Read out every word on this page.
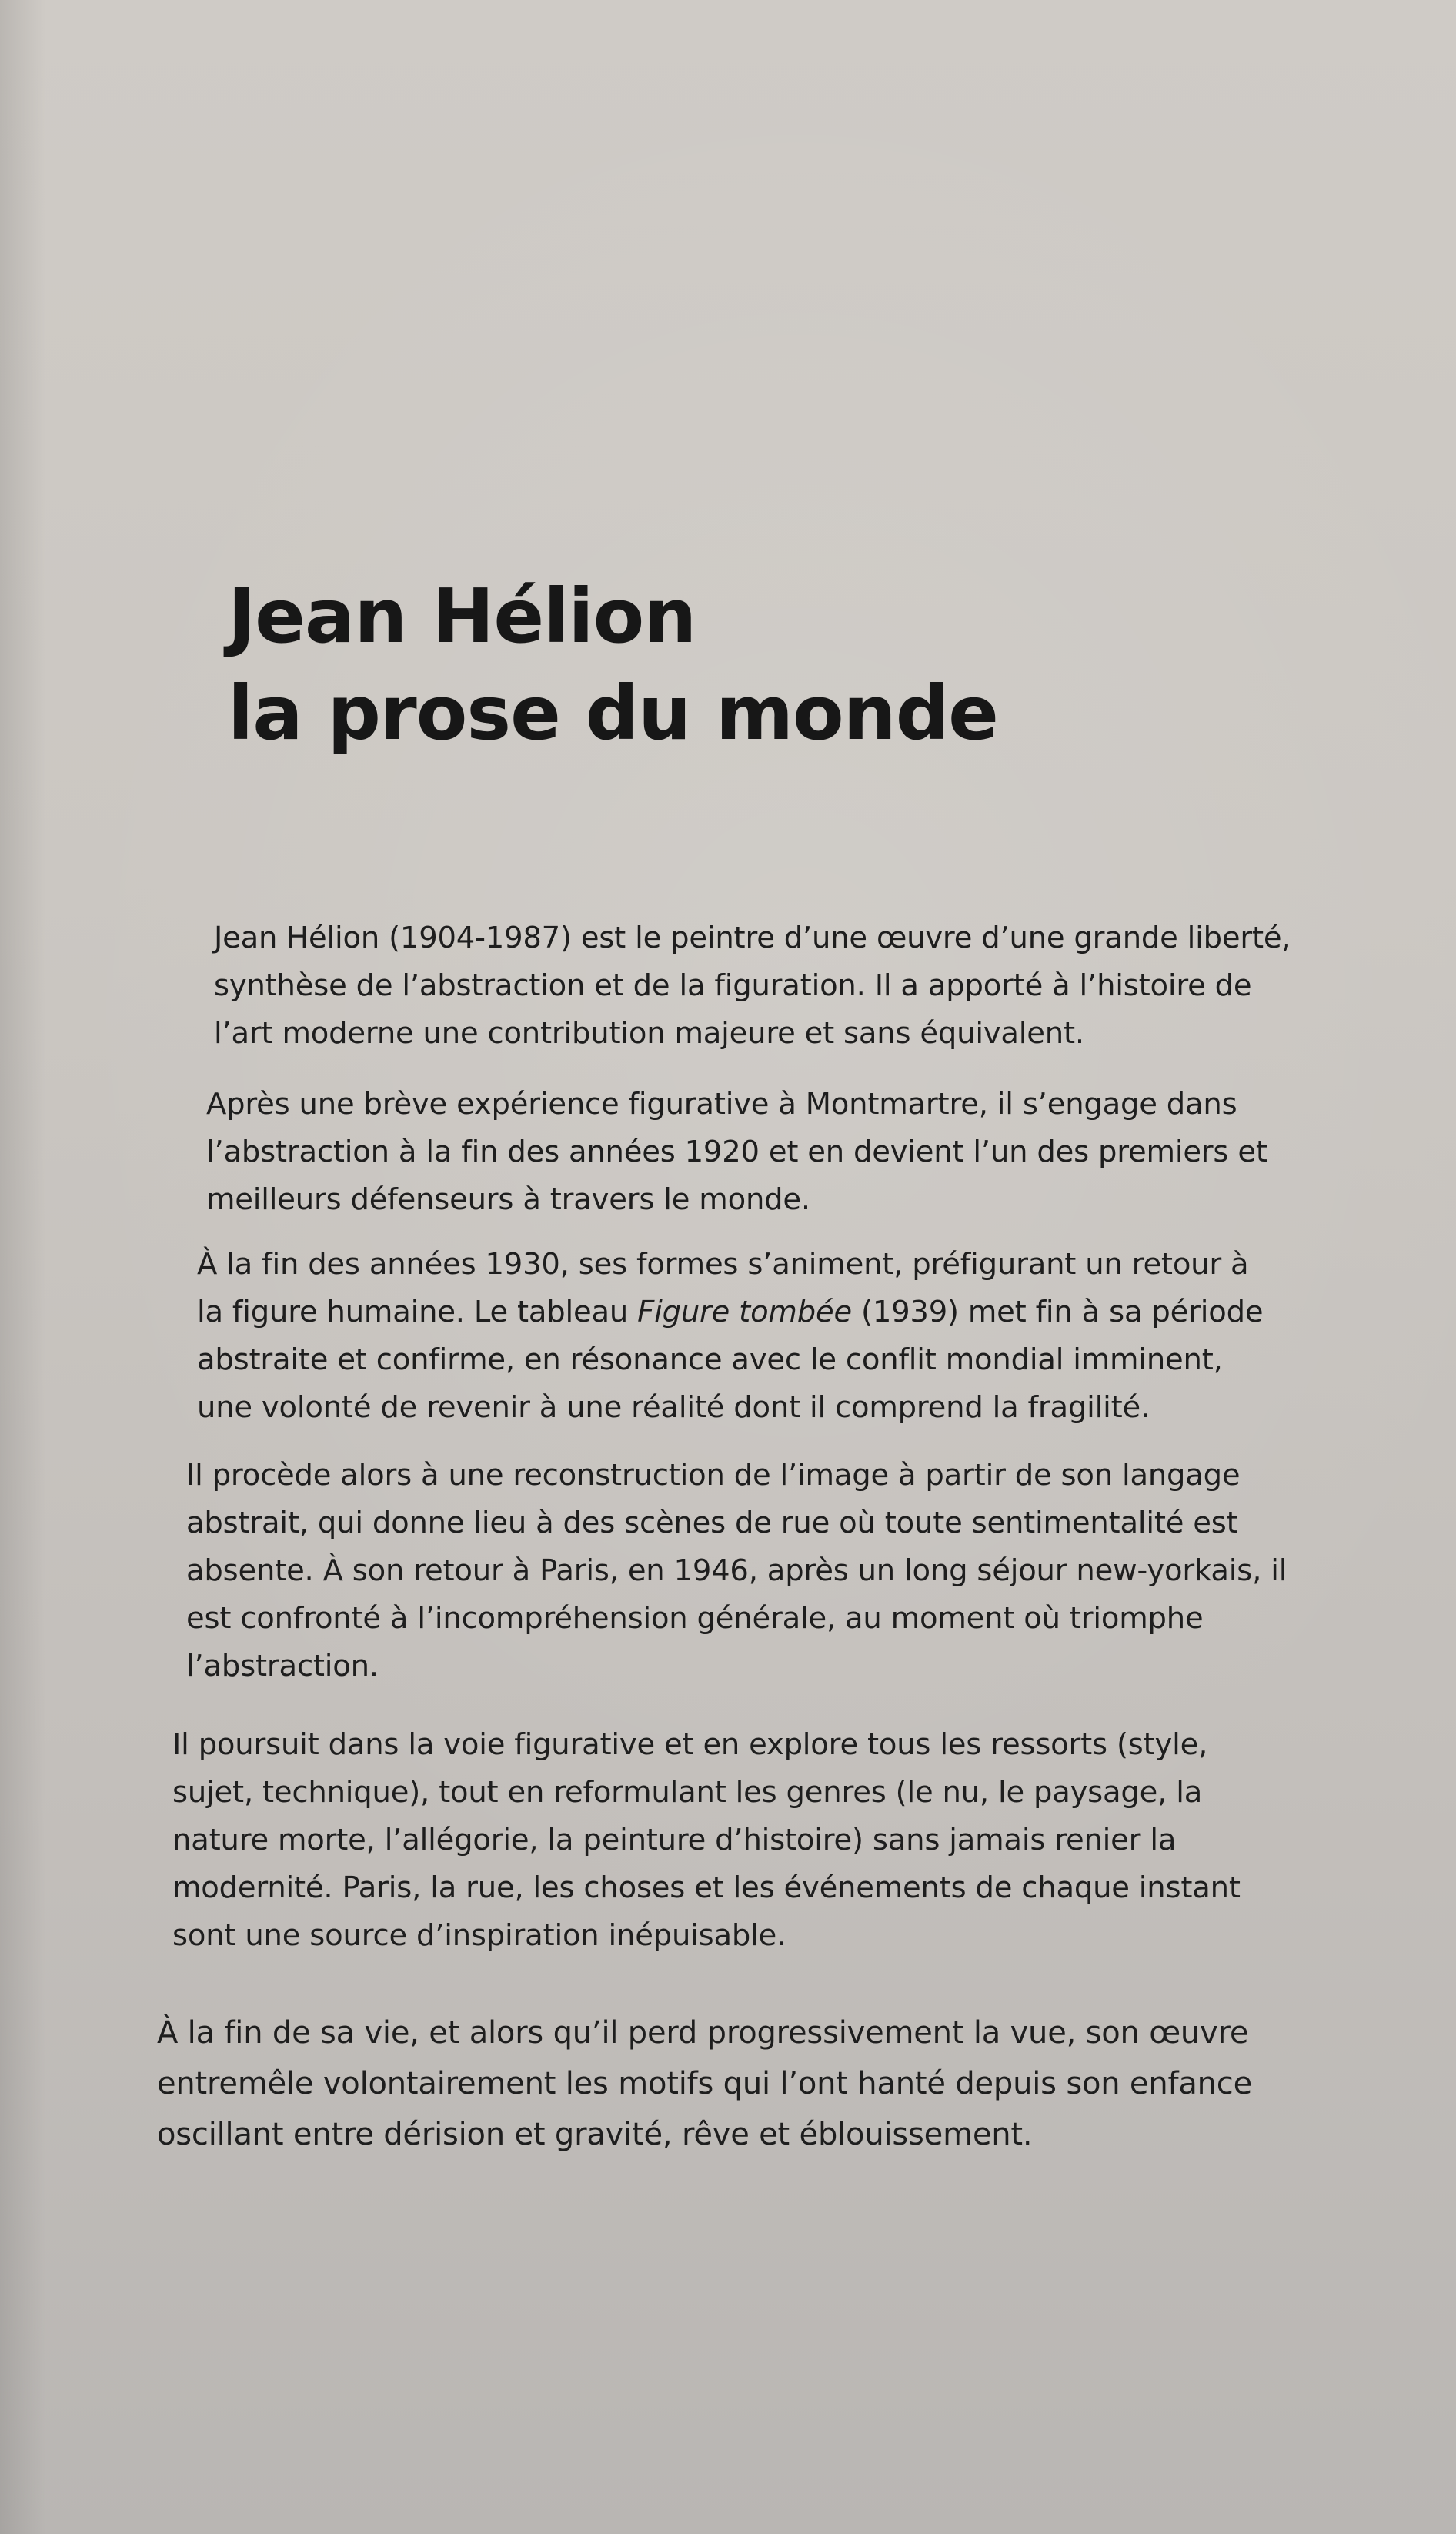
Jean Hélion
la prose du monde

Jean Hélion (1904-1987) est le peintre d’une œuvre d’une grande liberté,
synthèse de l’abstraction et de la figuration. Il a apporté à l’histoire de
l’art moderne une contribution majeure et sans équivalent.

Après une brève expérience figurative à Montmartre, il s’engage dans
l’abstraction à la fin des années 1920 et en devient l’un des premiers et
meilleurs défenseurs à travers le monde.

À la fin des années 1930, ses formes s’animent, préfigurant un retour à
la figure humaine. Le tableau Figure tombée (1939) met fin à sa période
abstraite et confirme, en résonance avec le conflit mondial imminent,
une volonté de revenir à une réalité dont il comprend la fragilité.

Il procède alors à une reconstruction de l’image à partir de son langage
abstrait, qui donne lieu à des scènes de rue où toute sentimentalité est
absente. À son retour à Paris, en 1946, après un long séjour new-yorkais, il
est confronté à l’incompréhension générale, au moment où triomphe
l’abstraction.

Il poursuit dans la voie figurative et en explore tous les ressorts (style,
sujet, technique), tout en reformulant les genres (le nu, le paysage, la
nature morte, l’allégorie, la peinture d’histoire) sans jamais renier la
modernité. Paris, la rue, les choses et les événements de chaque instant
sont une source d’inspiration inépuisable.

À la fin de sa vie, et alors qu’il perd progressivement la vue, son œuvre
entremêle volontairement les motifs qui l’ont hanté depuis son enfance
oscillant entre dérision et gravité, rêve et éblouissement.
